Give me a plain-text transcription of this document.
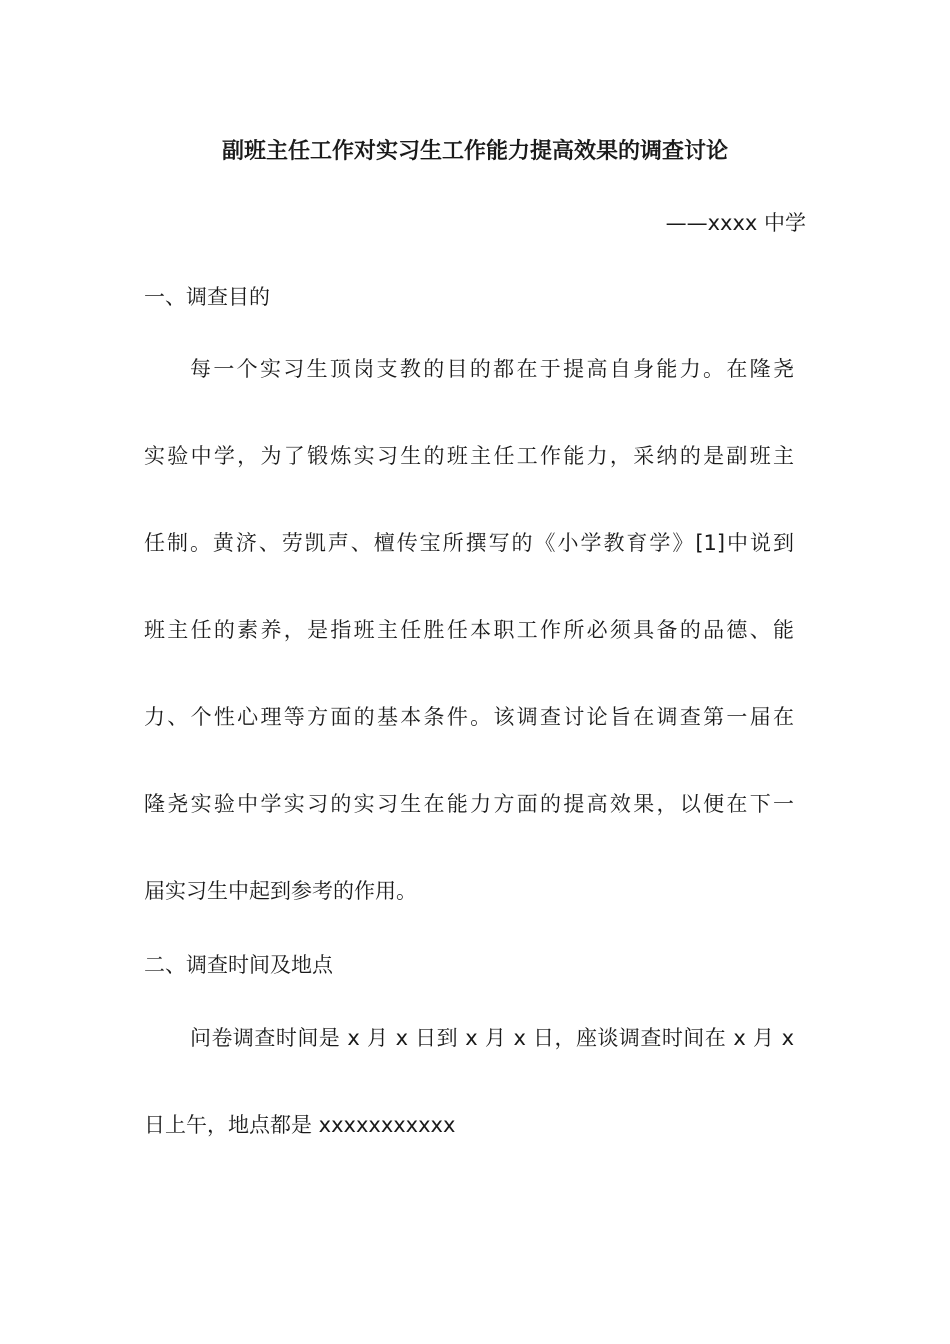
副班主任工作对实习生工作能力提高效果的调查讨论
——xxxx 中学
一、调查目的
每一个实习生顶岗支教的目的都在于提高自身能力。在隆尧
实验中学，为了锻炼实习生的班主任工作能力，采纳的是副班主
任制。黄济、劳凯声、檀传宝所撰写的《小学教育学》[1]中说到
班主任的素养，是指班主任胜任本职工作所必须具备的品德、能
力、个性心理等方面的基本条件。该调查讨论旨在调查第一届在
隆尧实验中学实习的实习生在能力方面的提高效果，以便在下一
届实习生中起到参考的作用。
二、调查时间及地点
问卷调查时间是 x 月 x 日到 x 月 x 日，座谈调查时间在 x 月 x
日上午，地点都是 xxxxxxxxxxx
